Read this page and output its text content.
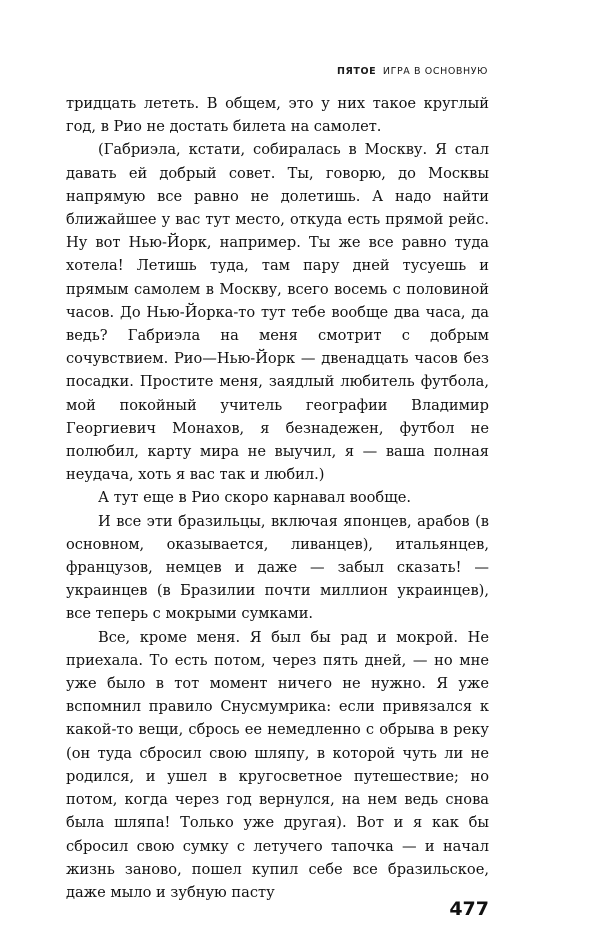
ПЯТОЕ ИГРА В ОСНОВНУЮ

тридцать лететь. В общем, это у них такое круглый год, в Рио не достать билета на самолет.

(Габриэла, кстати, собиралась в Москву. Я стал давать ей добрый совет. Ты, говорю, до Москвы напрямую все равно не долетишь. А надо найти ближайшее у вас тут место, откуда есть прямой рейс. Ну вот Нью-Йорк, например. Ты же все равно туда хотела! Летишь туда, там пару дней тусуешь и прямым самолем в Москву, всего восемь с половиной часов. До Нью-Йорка-то тут тебе вообще два часа, да ведь? Габриэла на меня смотрит с добрым сочувствием. Рио—Нью-Йорк — двенадцать часов без посадки. Простите меня, заядлый любитель футбола, мой покойный учитель географии Владимир Георгиевич Монахов, я безнадежен, футбол не полюбил, карту мира не выучил, я — ваша полная неудача, хоть я вас так и любил.)

А тут еще в Рио скоро карнавал вообще.

И все эти бразильцы, включая японцев, арабов (в основном, оказывается, ливанцев), итальянцев, французов, немцев и даже — забыл сказать! — украинцев (в Бразилии почти миллион украинцев), все теперь с мокрыми сумками.

Все, кроме меня. Я был бы рад и мокрой. Не приехала. То есть потом, через пять дней, — но мне уже было в тот момент ничего не нужно. Я уже вспомнил правило Снусмумрика: если привязался к какой-то вещи, сбрось ее немедленно с обрыва в реку (он туда сбросил свою шляпу, в которой чуть ли не родился, и ушел в кругосветное путешествие; но потом, когда через год вернулся, на нем ведь снова была шляпа! Только уже другая). Вот и я как бы сбросил свою сумку с летучего тапочка — и начал жизнь заново, пошел купил себе все бразильское, даже мыло и зубную пасту

477
